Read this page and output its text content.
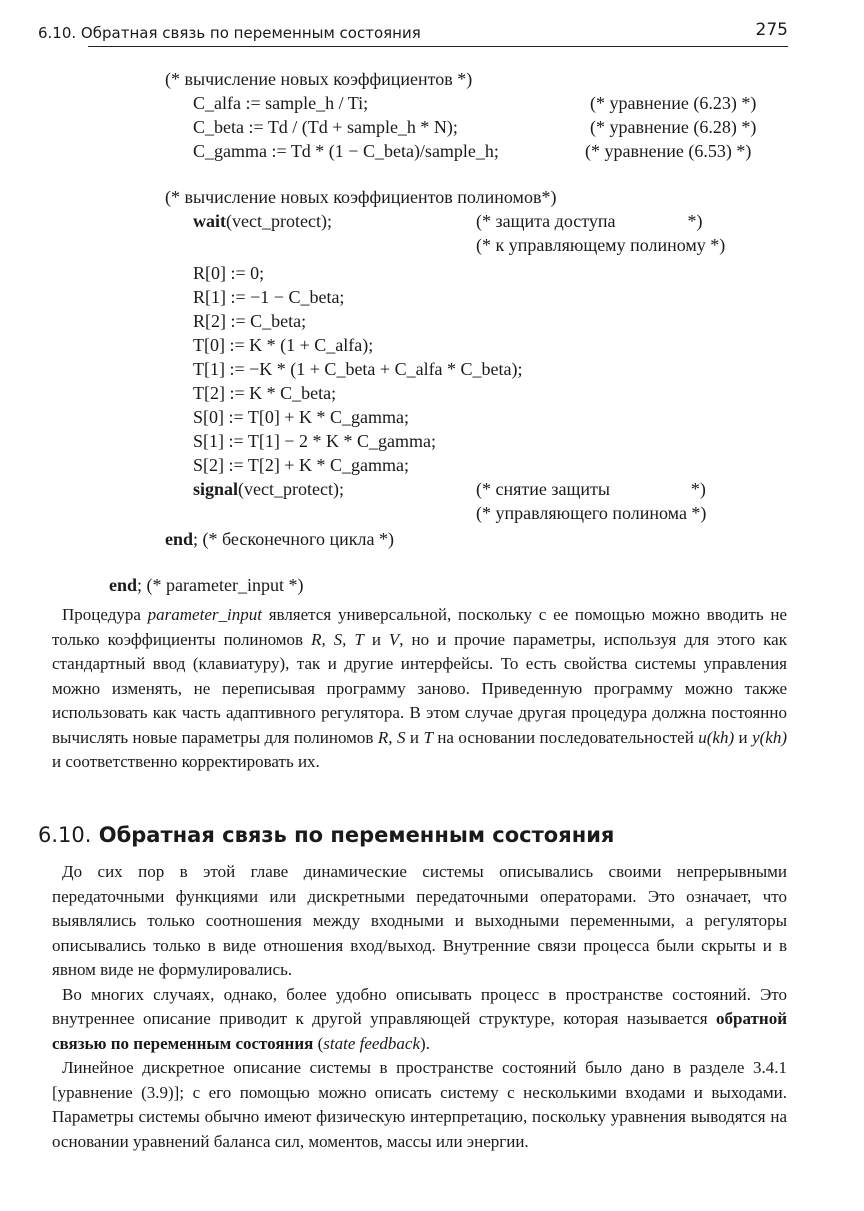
6.10. Обратная связь по переменным состояния	275
(* вычисление новых коэффициентов *)
C_alfa := sample_h / Ti;	(* уравнение (6.23) *)
C_beta := Td / (Td + sample_h * N);	(* уравнение (6.28) *)
C_gamma := Td * (1 − C_beta)/sample_h;	(* уравнение (6.53) *)
(* вычисление новых коэффициентов полиномов*)
wait(vect_protect);	(* защита доступа                *)
(* к управляющему полиному *)
R[0] := 0;
R[1] := −1 − C_beta;
R[2] := C_beta;
T[0] := K * (1 + C_alfa);
T[1] := −K * (1 + C_beta + C_alfa * C_beta);
T[2] := K * C_beta;
S[0] := T[0] + K * C_gamma;
S[1] := T[1] − 2 * K * C_gamma;
S[2] := T[2] + K * C_gamma;
signal(vect_protect);	(* снятие защиты                  *)
(* управляющего полинома *)
end; (* бесконечного цикла *)
end; (* parameter_input *)

Процедура parameter_input является универсальной, поскольку с ее помощью можно вводить не только коэффициенты полиномов R, S, T и V, но и прочие параметры, используя для этого как стандартный ввод (клавиатуру), так и другие интерфейсы. То есть свойства системы управления можно изменять, не переписывая программу заново. Приведенную программу можно также использовать как часть адаптивного регулятора. В этом случае другая процедура должна постоянно вычислять новые параметры для полиномов R, S и T на основании последовательностей u(kh) и y(kh) и соответственно корректировать их.

6.10. Обратная связь по переменным состояния

До сих пор в этой главе динамические системы описывались своими непрерывными передаточными функциями или дискретными передаточными операторами. Это означает, что выявлялись только соотношения между входными и выходными переменными, а регуляторы описывались только в виде отношения вход/выход. Внутренние связи процесса были скрыты и в явном виде не формулировались.

Во многих случаях, однако, более удобно описывать процесс в пространстве состояний. Это внутреннее описание приводит к другой управляющей структуре, которая называется обратной связью по переменным состояния (state feedback).

Линейное дискретное описание системы в пространстве состояний было дано в разделе 3.4.1 [уравнение (3.9)]; с его помощью можно описать систему с несколькими входами и выходами. Параметры системы обычно имеют физическую интерпретацию, поскольку уравнения выводятся на основании уравнений баланса сил, моментов, массы или энергии.
